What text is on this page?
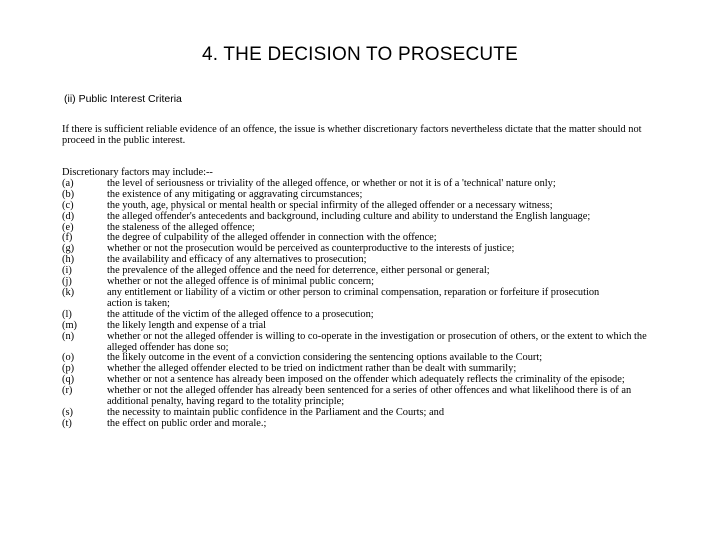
4. THE DECISION TO PROSECUTE
(ii) Public Interest Criteria
If there is sufficient reliable evidence of an offence, the issue is whether discretionary factors nevertheless dictate that the matter should not proceed in the public interest.
Discretionary factors may include:--
(a)	the level of seriousness or triviality of the alleged offence, or whether or not it is of a 'technical' nature only;
(b)	the existence of any mitigating or aggravating circumstances;
(c)	the youth, age, physical or mental health or special infirmity of the alleged offender or a necessary witness;
(d)	the alleged offender's antecedents and background, including culture and ability to understand the English language;
(e)	the staleness of the alleged offence;
(f)	the degree of culpability of the alleged offender in connection with the offence;
(g)	whether or not the prosecution would be perceived as counterproductive to the interests of justice;
(h)	the availability and efficacy of any alternatives to prosecution;
(i)	the prevalence of the alleged offence and the need for deterrence, either personal or general;
(j)	whether or not the alleged offence is of minimal public concern;
(k)	any entitlement or liability of a victim or other person to criminal compensation, reparation or forfeiture if prosecution
action is taken;
(l)	the attitude of the victim of the alleged offence to a prosecution;
(m)	the likely length and expense of a trial
(n)	whether or not the alleged offender is willing to co-operate in the investigation or prosecution of others, or the extent to which the alleged offender has done so;
(o)	the likely outcome in the event of a conviction considering the sentencing options available to the Court;
(p)	whether the alleged offender elected to be tried on indictment rather than be dealt with summarily;
(q)	whether or not a sentence has already been imposed on the offender which adequately reflects the criminality of the episode;
(r)	whether or not the alleged offender has already been sentenced for a series of other offences and what likelihood there is of an additional penalty, having regard to the totality principle;
(s)	the necessity to maintain public confidence in the Parliament and the Courts; and
(t)	the effect on public order and morale.;
